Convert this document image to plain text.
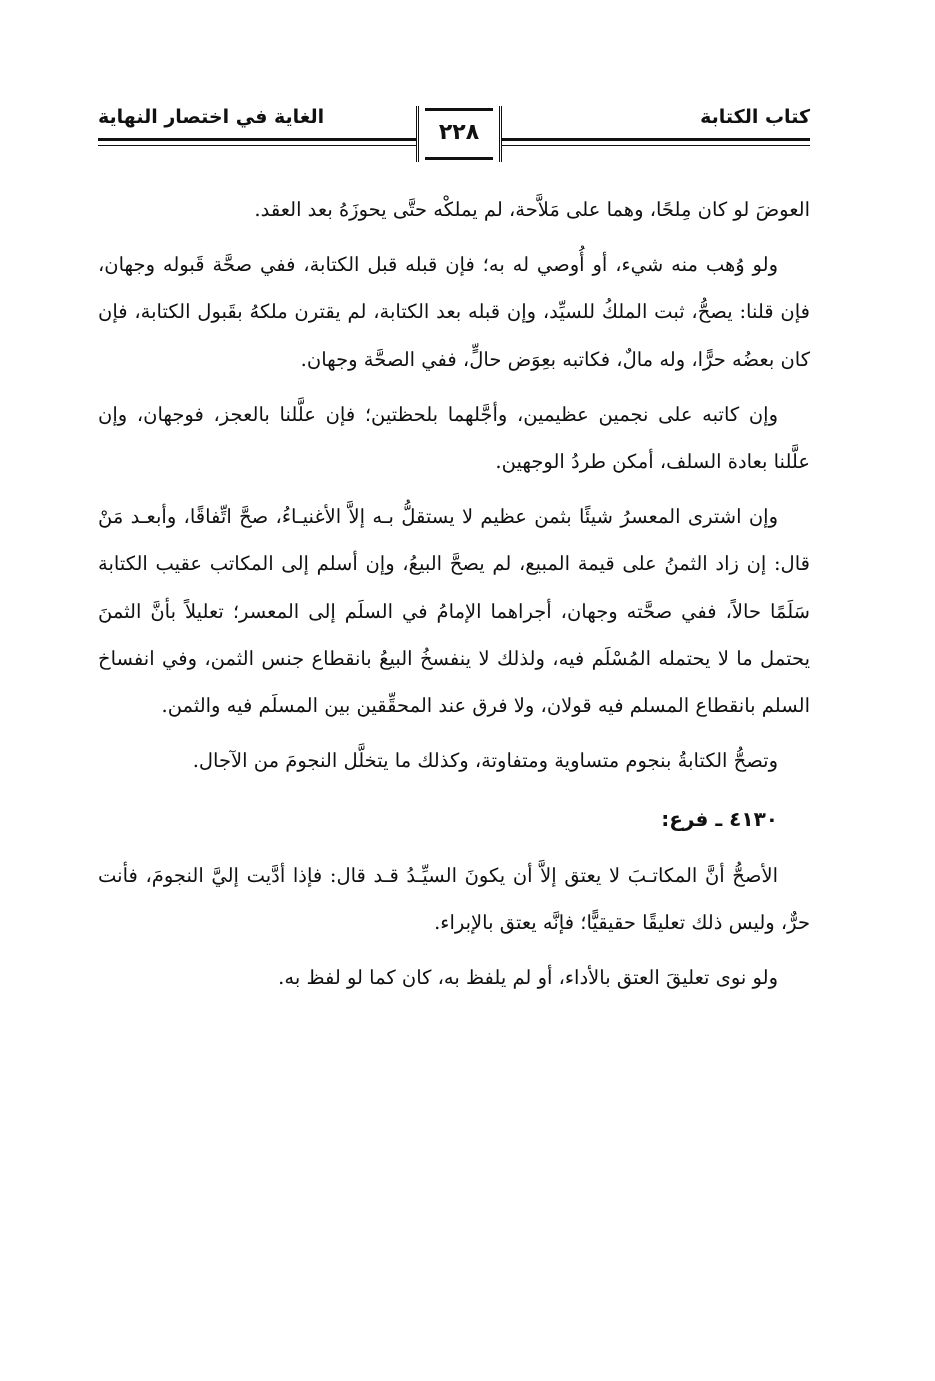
كتاب الكتابة
الغاية في اختصار النهاية
٢٢٨

العوضَ لو كان مِلحًا، وهما على مَلاَّحة، لم يملكْه حتَّى يحوزَهُ بعد العقد.

ولو وُهب منه شيء، أو أُوصي له به؛ فإن قبله قبل الكتابة، ففي صحَّة قَبوله وجهان، فإن قلنا: يصحُّ، ثبت الملكُ للسيِّد، وإن قبله بعد الكتابة، لم يقترن ملكهُ بقَبول الكتابة، فإن كان بعضُه حرًّا، وله مالٌ، فكاتبه بعِوَض حالٍّ، ففي الصحَّة وجهان.

وإن كاتبه على نجمين عظيمين، وأجَّلهما بلحظتين؛ فإن علَّلنا بالعجز، فوجهان، وإن علَّلنا بعادة السلف، أمكن طردُ الوجهين.

وإن اشترى المعسرُ شيئًا بثمن عظيم لا يستقلُّ بـه إلاَّ الأغنيـاءُ، صحَّ اتِّفاقًا، وأبعـد مَنْ قال: إن زاد الثمنُ على قيمة المبيع، لم يصحَّ البيعُ، وإن أسلم إلى المكاتب عقيب الكتابة سَلَمًا حالاً، ففي صحَّته وجهان، أجراهما الإمامُ في السلَم إلى المعسر؛ تعليلاً بأنَّ الثمنَ يحتمل ما لا يحتمله المُسْلَم فيه، ولذلك لا ينفسخُ البيعُ بانقطاع جنس الثمن، وفي انفساخ السلم بانقطاع المسلم فيه قولان، ولا فرق عند المحقِّقين بين المسلَم فيه والثمن.

وتصحُّ الكتابةُ بنجوم متساوية ومتفاوتة، وكذلك ما يتخلَّل النجومَ من الآجال.

٤١٣٠ ـ فرع:

الأصحُّ أنَّ المكاتـبَ لا يعتق إلاَّ أن يكونَ السيِّـدُ قـد قال: فإذا أدَّيت إليَّ النجومَ، فأنت حرٌّ، وليس ذلك تعليقًا حقيقيًّا؛ فإنَّه يعتق بالإبراء.

ولو نوى تعليقَ العتق بالأداء، أو لم يلفظ به، كان كما لو لفظ به.
